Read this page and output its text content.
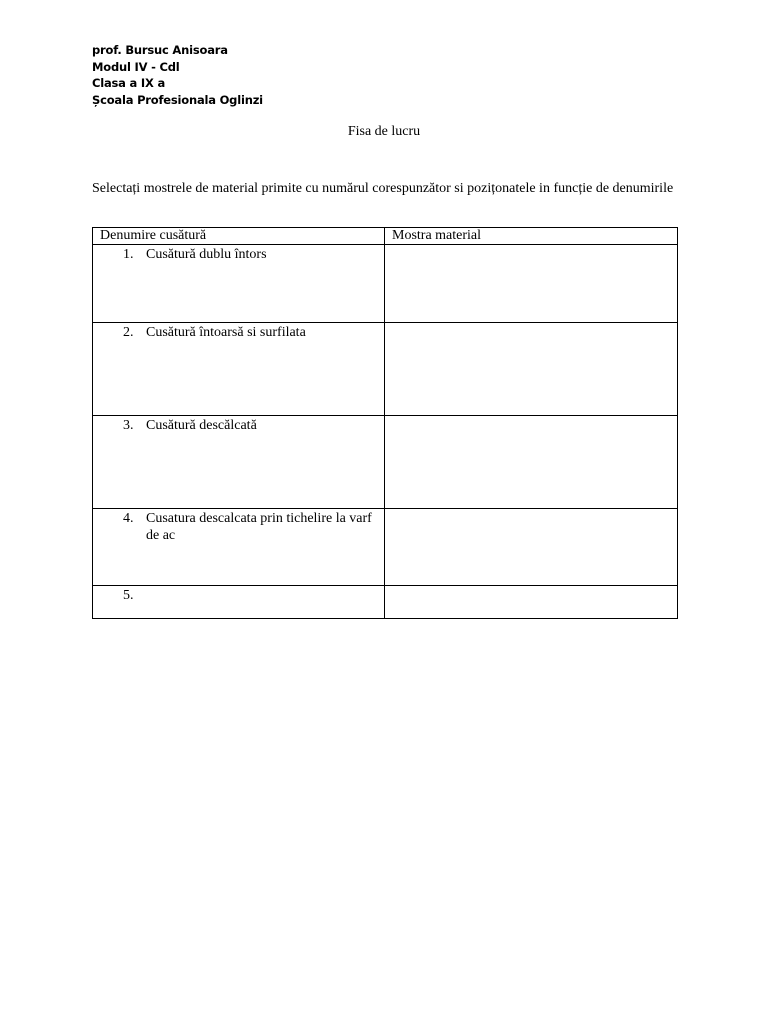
prof. Bursuc Anisoara
Modul IV - Cdl
Clasa a IX a
Școala Profesionala Oglinzi
Fisa de lucru
Selectați mostrele de material primite cu numărul corespunzător si pozițonatele in funcție de denumirile
Denumire cusătură	Mostra material

1. Cusătură dublu întors	

2. Cusătură întoarsă si surfilata	

3. Cusătură descălcată	

4. Cusatura descalcata prin tichelire la varf de ac	

5.	
